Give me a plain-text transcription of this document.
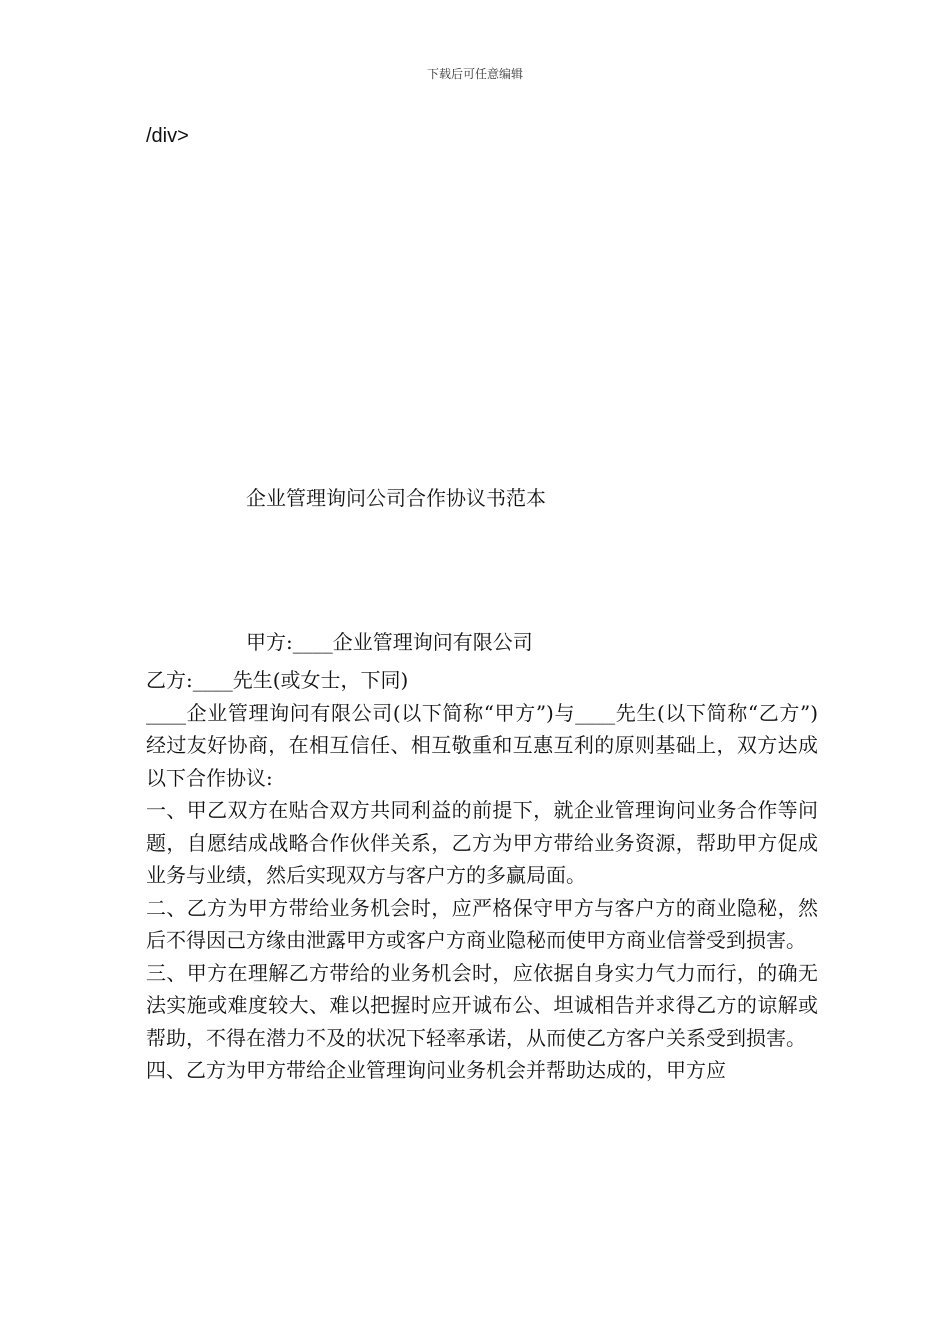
下载后可任意编辑
/div>
企业管理询问公司合作协议书范本
甲方:____企业管理询问有限公司

乙方:____先生(或女士，下同)

____企业管理询问有限公司(以下简称“甲方”)与____先生(以下简称“乙方”)经过友好协商，在相互信任、相互敬重和互惠互利的原则基础上，双方达成以下合作协议:

一、甲乙双方在贴合双方共同利益的前提下，就企业管理询问业务合作等问题，自愿结成战略合作伙伴关系，乙方为甲方带给业务资源，帮助甲方促成业务与业绩，然后实现双方与客户方的多赢局面。

二、乙方为甲方带给业务机会时，应严格保守甲方与客户方的商业隐秘，然后不得因己方缘由泄露甲方或客户方商业隐秘而使甲方商业信誉受到损害。

三、甲方在理解乙方带给的业务机会时，应依据自身实力气力而行，的确无法实施或难度较大、难以把握时应开诚布公、坦诚相告并求得乙方的谅解或帮助，不得在潜力不及的状况下轻率承诺，从而使乙方客户关系受到损害。

四、乙方为甲方带给企业管理询问业务机会并帮助达成的，甲方应
